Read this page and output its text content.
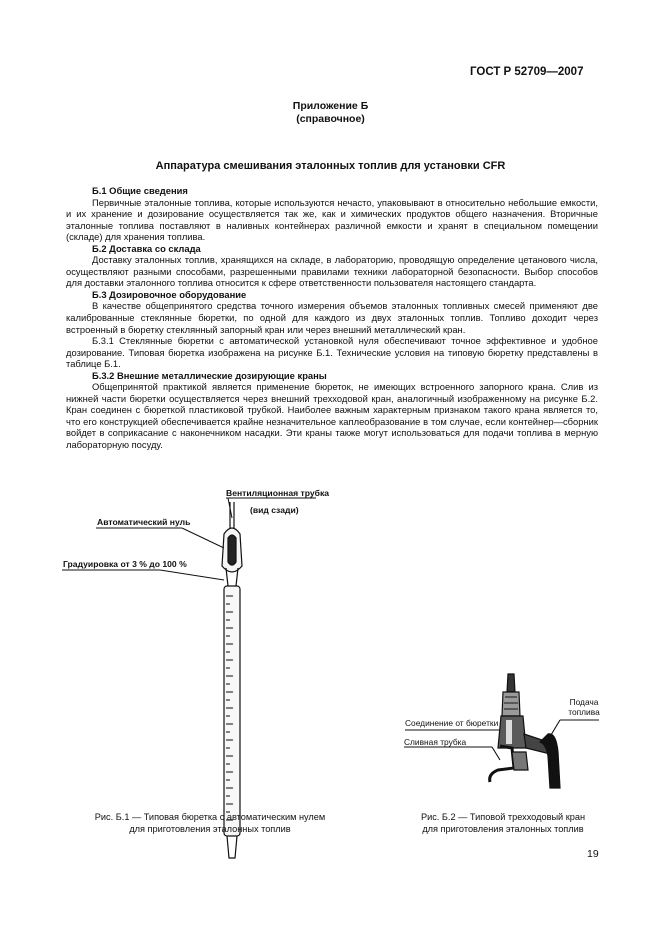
ГОСТ Р 52709—2007
Приложение Б
(справочное)
Аппаратура смешивания эталонных топлив для установки CFR
Б.1 Общие сведения

Первичные эталонные топлива, которые используются нечасто, упаковывают в относительно небольшие емкости, и их хранение и дозирование осуществляется так же, как и химических продуктов общего назначения. Вторичные эталонные топлива поставляют в наливных контейнерах различной емкости и хранят в специальном помещении (складе) для хранения топлива.

Б.2 Доставка со склада

Доставку эталонных топлив, хранящихся на складе, в лабораторию, проводящую определение цетанового числа, осуществляют разными способами, разрешенными правилами техники лабораторной безопасности. Выбор способов для доставки эталонного топлива относится к сфере ответственности пользователя настоящего стандарта.

Б.3 Дозировочное оборудование

В качестве общепринятого средства точного измерения объемов эталонных топливных смесей применяют две калиброванные стеклянные бюретки, по одной для каждого из двух эталонных топлив. Топливо доходит через встроенный в бюретку стеклянный запорный кран или через внешний металлический кран.

Б.3.1 Стеклянные бюретки с автоматической установкой нуля обеспечивают точное эффективное и удобное дозирование. Типовая бюретка изображена на рисунке Б.1. Технические условия на типовую бюретку представлены в таблице Б.1.

Б.3.2 Внешние металлические дозирующие краны

Общепринятой практикой является применение бюреток, не имеющих встроенного запорного крана. Слив из нижней части бюретки осуществляется через внешний трехходовой кран, аналогичный изображенному на рисунке Б.2. Кран соединен с бюреткой пластиковой трубкой. Наиболее важным характерным признаком такого крана является то, что его конструкцией обеспечивается крайне незначительное каплеобразование в том случае, если контейнер—сборник войдет в соприкасание с наконечником насадки. Эти краны также могут использоваться для подачи топлива в мерную лабораторную посуду.

Вентиляционная трубка
(вид сзади)
Автоматический нуль
Градуировка от 3 % до 100 %
Рис. Б.1 — Типовая бюретка с автоматическим нулем
для приготовления эталонных топлив
Соединение от бюретки
Подача
топлива
Сливная трубка
Рис. Б.2 — Типовой трехходовый кран
для приготовления эталонных топлив
19
